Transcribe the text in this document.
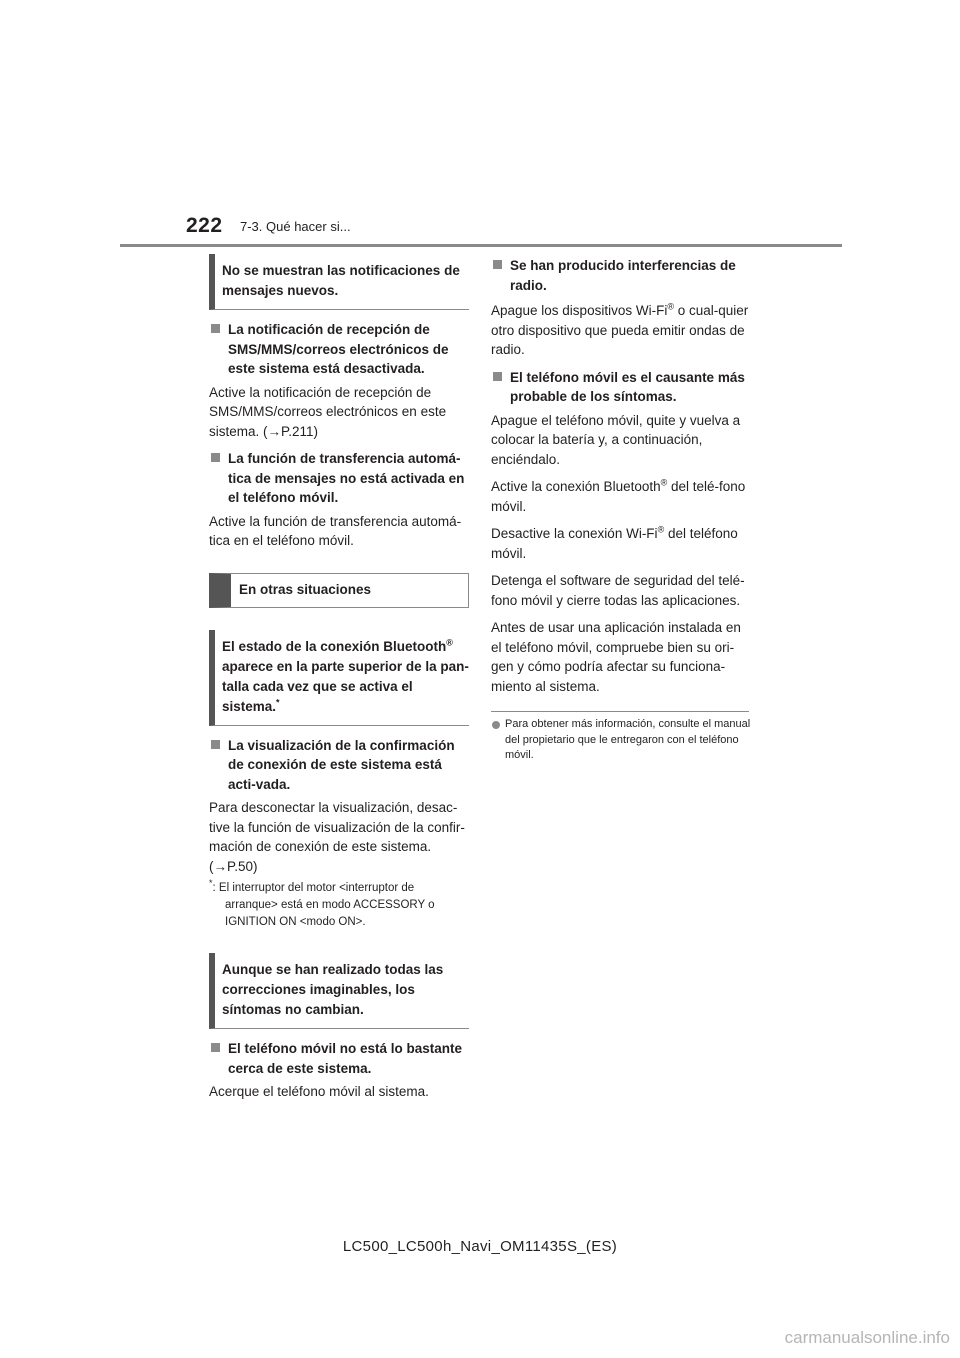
222 7-3. Qué hacer si...
No se muestran las notificaciones de mensajes nuevos.
La notificación de recepción de SMS/MMS/correos electrónicos de este sistema está desactivada.
Active la notificación de recepción de SMS/MMS/correos electrónicos en este sistema. (→P.211)
La función de transferencia automá-tica de mensajes no está activada en el teléfono móvil.
Active la función de transferencia automá-tica en el teléfono móvil.
En otras situaciones
El estado de la conexión Bluetooth® aparece en la parte superior de la pan-talla cada vez que se activa el sistema.*
La visualización de la confirmación de conexión de este sistema está acti-vada.
Para desconectar la visualización, desac-tive la función de visualización de la confir-mación de conexión de este sistema.
(→P.50)
*: El interruptor del motor <interruptor de arranque> está en modo ACCESSORY o IGNITION ON <modo ON>.
Aunque se han realizado todas las correcciones imaginables, los síntomas no cambian.
El teléfono móvil no está lo bastante cerca de este sistema.
Acerque el teléfono móvil al sistema.
Se han producido interferencias de radio.
Apague los dispositivos Wi-Fi® o cual-quier otro dispositivo que pueda emitir ondas de radio.
El teléfono móvil es el causante más probable de los síntomas.
Apague el teléfono móvil, quite y vuelva a colocar la batería y, a continuación, enciéndalo.
Active la conexión Bluetooth® del telé-fono móvil.
Desactive la conexión Wi-Fi® del teléfono móvil.
Detenga el software de seguridad del telé-fono móvil y cierre todas las aplicaciones.
Antes de usar una aplicación instalada en el teléfono móvil, compruebe bien su ori-gen y cómo podría afectar su funciona-miento al sistema.
Para obtener más información, consulte el manual del propietario que le entregaron con el teléfono móvil.
LC500_LC500h_Navi_OM11435S_(ES)
carmanualsonline.info
